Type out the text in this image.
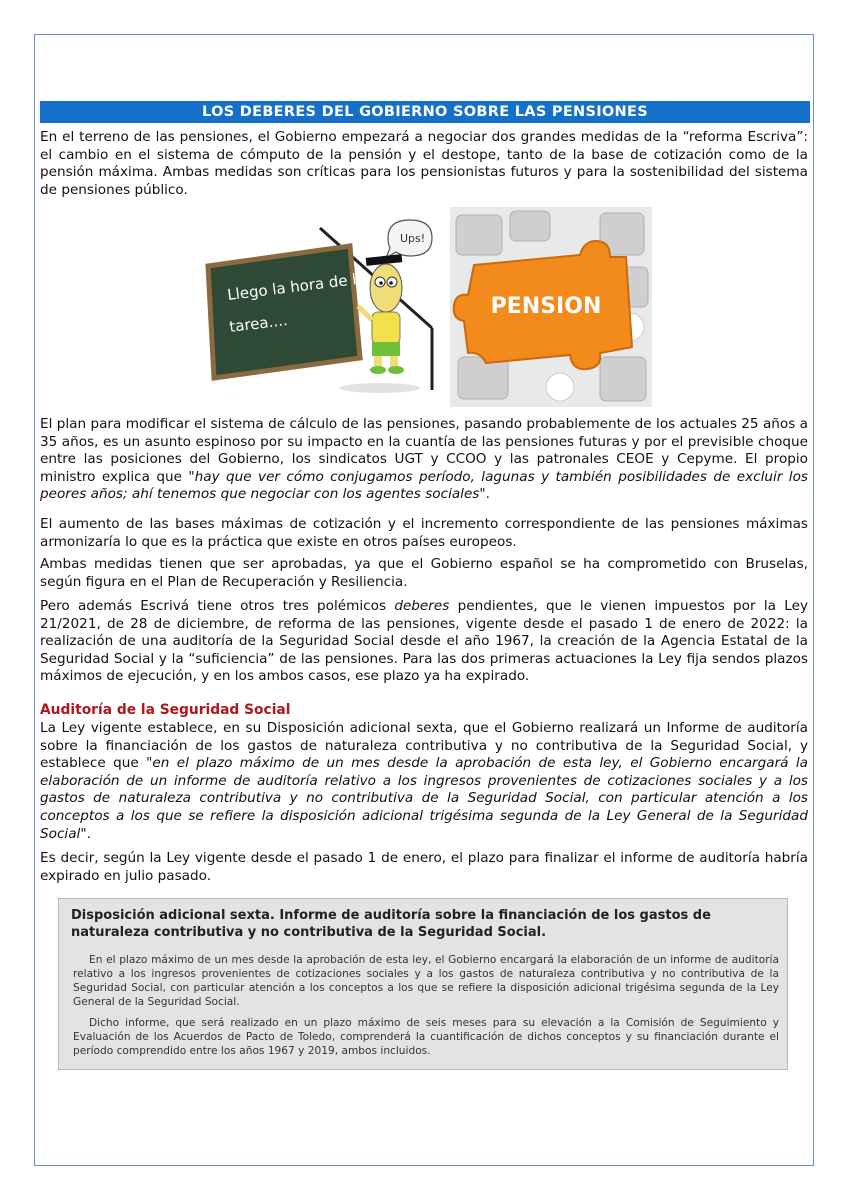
LOS DEBERES DEL GOBIERNO SOBRE LAS PENSIONES

En el terreno de las pensiones, el Gobierno empezará a negociar dos grandes medidas de la “reforma Escriva”: el cambio en el sistema de cómputo de la pensión y el destope, tanto de la base de cotización como de la pensión máxima. Ambas medidas son críticas para los pensionistas futuros y para la sostenibilidad del sistema de pensiones público.

Llego la hora de la
tarea....
Ups!
PENSION

El plan para modificar el sistema de cálculo de las pensiones, pasando probablemente de los actuales 25 años a 35 años, es un asunto espinoso por su impacto en la cuantía de las pensiones futuras y por el previsible choque entre las posiciones del Gobierno, los sindicatos UGT y CCOO y las patronales CEOE y Cepyme. El propio ministro explica que "hay que ver cómo conjugamos período, lagunas y también posibilidades de excluir los peores años; ahí tenemos que negociar con los agentes sociales".

El aumento de las bases máximas de cotización y el incremento correspondiente de las pensiones máximas armonizaría lo que es la práctica que existe en otros países europeos.

Ambas medidas tienen que ser aprobadas, ya que el Gobierno español se ha comprometido con Bruselas, según figura en el Plan de Recuperación y Resiliencia.

Pero además Escrivá tiene otros tres polémicos deberes pendientes, que le vienen impuestos por la Ley 21/2021, de 28 de diciembre, de reforma de las pensiones, vigente desde el pasado 1 de enero de 2022: la realización de una auditoría de la Seguridad Social desde el año 1967, la creación de la Agencia Estatal de la Seguridad Social y la “suficiencia” de las pensiones. Para las dos primeras actuaciones la Ley fija sendos plazos máximos de ejecución, y en los ambos casos, ese plazo ya ha expirado.

Auditoría de la Seguridad Social

La Ley vigente establece, en su Disposición adicional sexta, que el Gobierno realizará un Informe de auditoría sobre la financiación de los gastos de naturaleza contributiva y no contributiva de la Seguridad Social, y establece que "en el plazo máximo de un mes desde la aprobación de esta ley, el Gobierno encargará la elaboración de un informe de auditoría relativo a los ingresos provenientes de cotizaciones sociales y a los gastos de naturaleza contributiva y no contributiva de la Seguridad Social, con particular atención a los conceptos a los que se refiere la disposición adicional trigésima segunda de la Ley General de la Seguridad Social".

Es decir, según la Ley vigente desde el pasado 1 de enero, el plazo para finalizar el informe de auditoría habría expirado en julio pasado.

Disposición adicional sexta. Informe de auditoría sobre la financiación de los gastos de naturaleza contributiva y no contributiva de la Seguridad Social.

En el plazo máximo de un mes desde la aprobación de esta ley, el Gobierno encargará la elaboración de un informe de auditoría relativo a los ingresos provenientes de cotizaciones sociales y a los gastos de naturaleza contributiva y no contributiva de la Seguridad Social, con particular atención a los conceptos a los que se refiere la disposición adicional trigésima segunda de la Ley General de la Seguridad Social.

Dicho informe, que será realizado en un plazo máximo de seis meses para su elevación a la Comisión de Seguimiento y Evaluación de los Acuerdos de Pacto de Toledo, comprenderá la cuantificación de dichos conceptos y su financiación durante el período comprendido entre los años 1967 y 2019, ambos incluidos.
